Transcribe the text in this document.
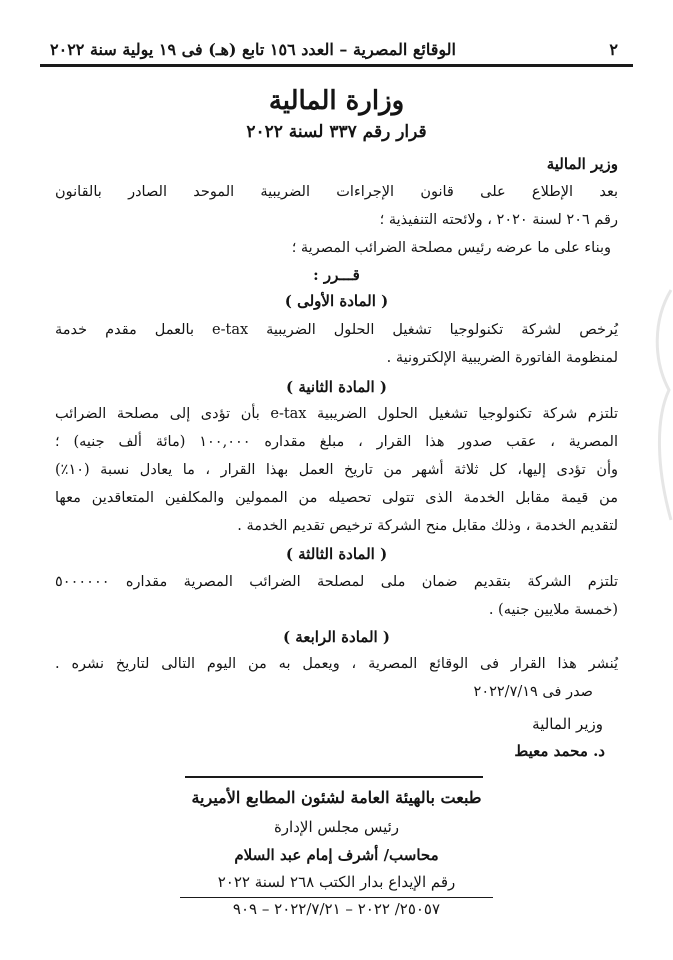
٢
الوقائع المصرية – العدد ١٥٦ تابع (هـ) فى ١٩ يولية سنة ٢٠٢٢
وزارة المالية
قرار رقم ٣٣٧ لسنة ٢٠٢٢
وزير المالية
بعد الإطلاع على قانون الإجراءات الضريبية الموحد الصادر بالقانون
رقم ٢٠٦ لسنة ٢٠٢٠ ، ولائحته التنفيذية ؛
وبناء على ما عرضه رئيس مصلحة الضرائب المصرية ؛
قـــرر :
( المادة الأولى )
يُرخص لشركة تكنولوجيا تشغيل الحلول الضريبية e-tax بالعمل مقدم خدمة
لمنظومة الفاتورة الضريبية الإلكترونية .
( المادة الثانية )
تلتزم شركة تكنولوجيا تشغيل الحلول الضريبية e-tax بأن تؤدى إلى مصلحة الضرائب
المصرية ، عقب صدور هذا القرار ، مبلغ مقداره ١٠٠,٠٠٠ (مائة ألف جنيه) ؛
وأن تؤدى إليها، كل ثلاثة أشهر من تاريخ العمل بهذا القرار ، ما يعادل نسبة (١٠٪)
من قيمة مقابل الخدمة الذى تتولى تحصيله من الممولين والمكلفين المتعاقدين معها
لتقديم الخدمة ، وذلك مقابل منح الشركة ترخيص تقديم الخدمة .
( المادة الثالثة )
تلتزم الشركة بتقديم ضمان ملى لمصلحة الضرائب المصرية مقداره ٥٠٠٠٠٠٠
(خمسة ملايين جنيه) .
( المادة الرابعة )
يُنشر هذا القرار فى الوقائع المصرية ، ويعمل به من اليوم التالى لتاريخ نشره .
صدر فى ٢٠٢٢/٧/١٩
وزير المالية
د. محمد معيط
طبعت بالهيئة العامة لشئون المطابع الأميرية
رئيس مجلس الإدارة
محاسب/ أشرف إمام عبد السلام
رقم الإيداع بدار الكتب ٢٦٨ لسنة ٢٠٢٢
٢٥٠٥٧/ ٢٠٢٢ – ٢٠٢٢/٧/٢١ – ٩٠٩
